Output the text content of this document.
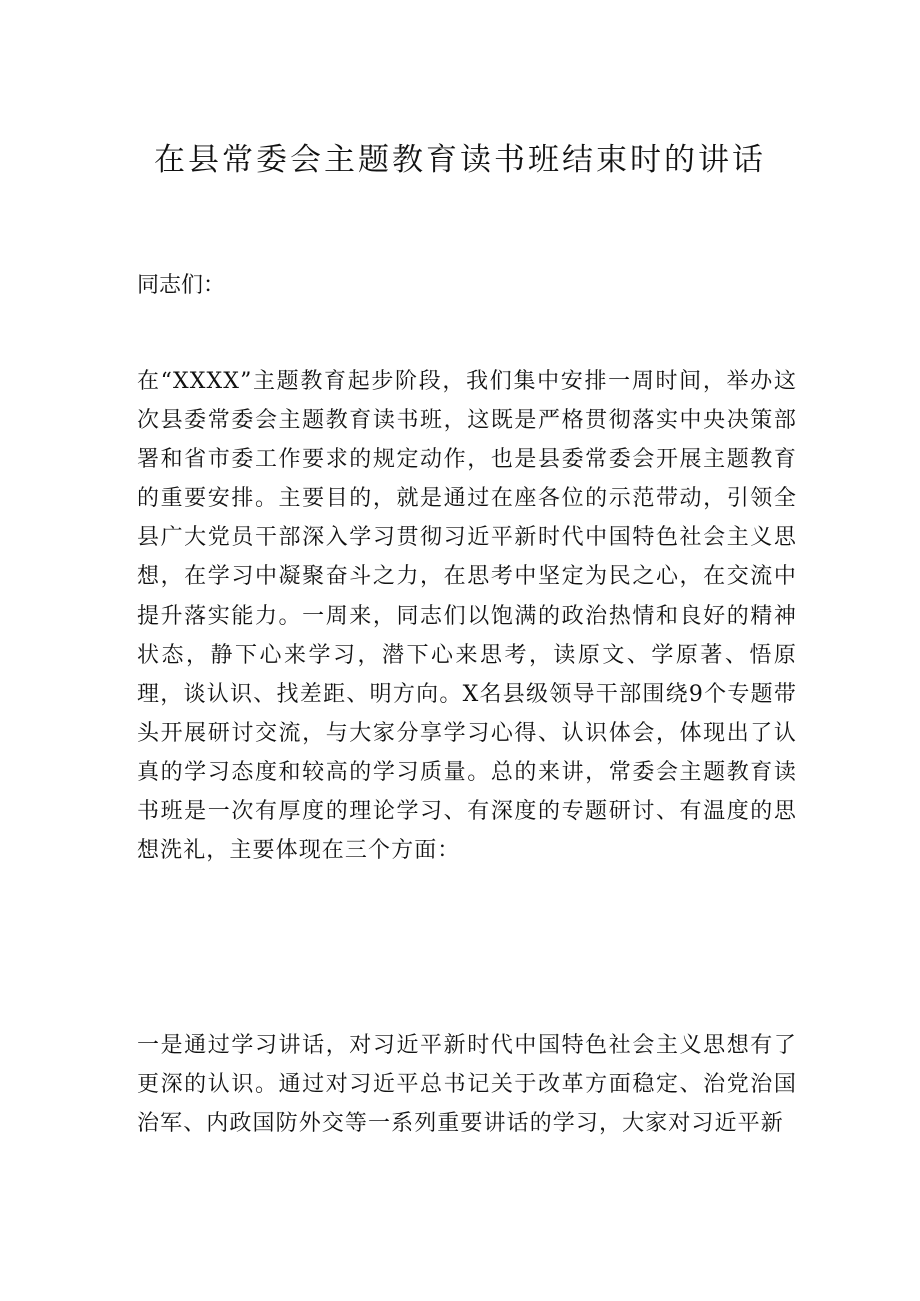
在县常委会主题教育读书班结束时的讲话

同志们：

在“XXXX”主题教育起步阶段，我们集中安排一周时间，举办这次县委常委会主题教育读书班，这既是严格贯彻落实中央决策部署和省市委工作要求的规定动作，也是县委常委会开展主题教育的重要安排。主要目的，就是通过在座各位的示范带动，引领全县广大党员干部深入学习贯彻习近平新时代中国特色社会主义思想，在学习中凝聚奋斗之力，在思考中坚定为民之心，在交流中提升落实能力。一周来，同志们以饱满的政治热情和良好的精神状态，静下心来学习，潜下心来思考，读原文、学原著、悟原理，谈认识、找差距、明方向。X名县级领导干部围绕9个专题带头开展研讨交流，与大家分享学习心得、认识体会，体现出了认真的学习态度和较高的学习质量。总的来讲，常委会主题教育读书班是一次有厚度的理论学习、有深度的专题研讨、有温度的思想洗礼，主要体现在三个方面：

一是通过学习讲话，对习近平新时代中国特色社会主义思想有了更深的认识。通过对习近平总书记关于改革方面稳定、治党治国治军、内政国防外交等一系列重要讲话的学习，大家对习近平新
